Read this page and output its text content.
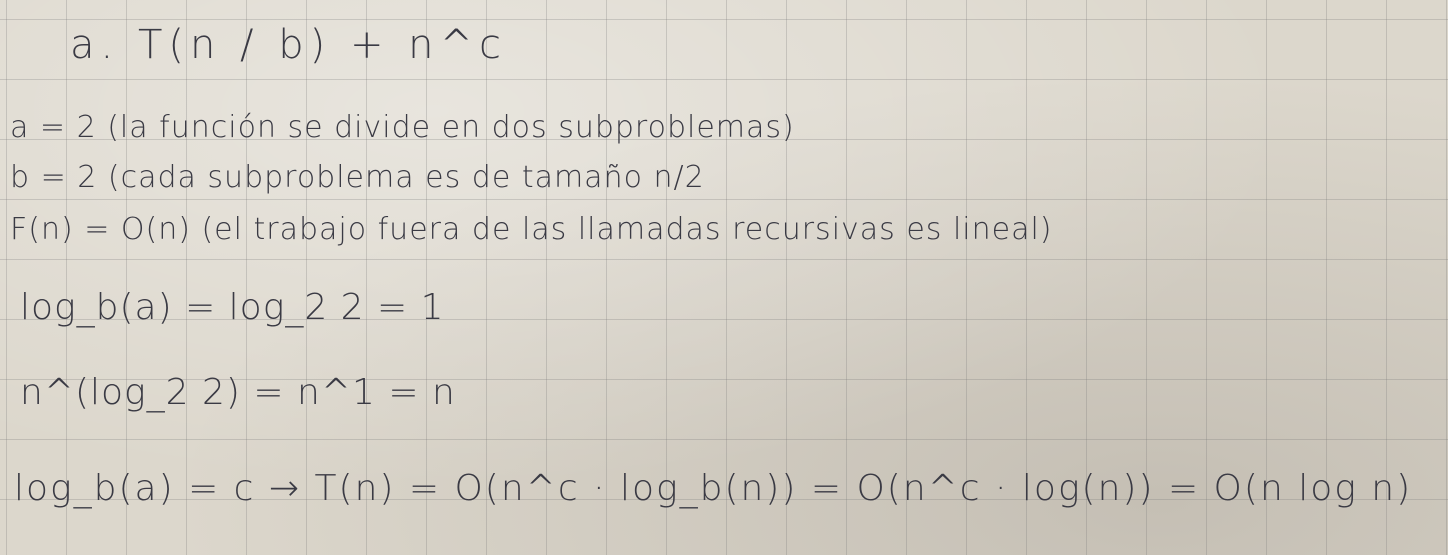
a. T(n / b) + n^c
a = 2 (la función se divide en dos subproblemas)
b = 2 (cada subproblema es de tamaño n/2
F(n) = O(n) (el trabajo fuera de las llamadas recursivas es lineal)
log_b(a) = log_2 2 = 1
n^(log_2 2) = n^1 = n
log_b(a) = c → T(n) = O(n^c · log_b(n)) = O(n^c · log(n)) = O(n log n)
